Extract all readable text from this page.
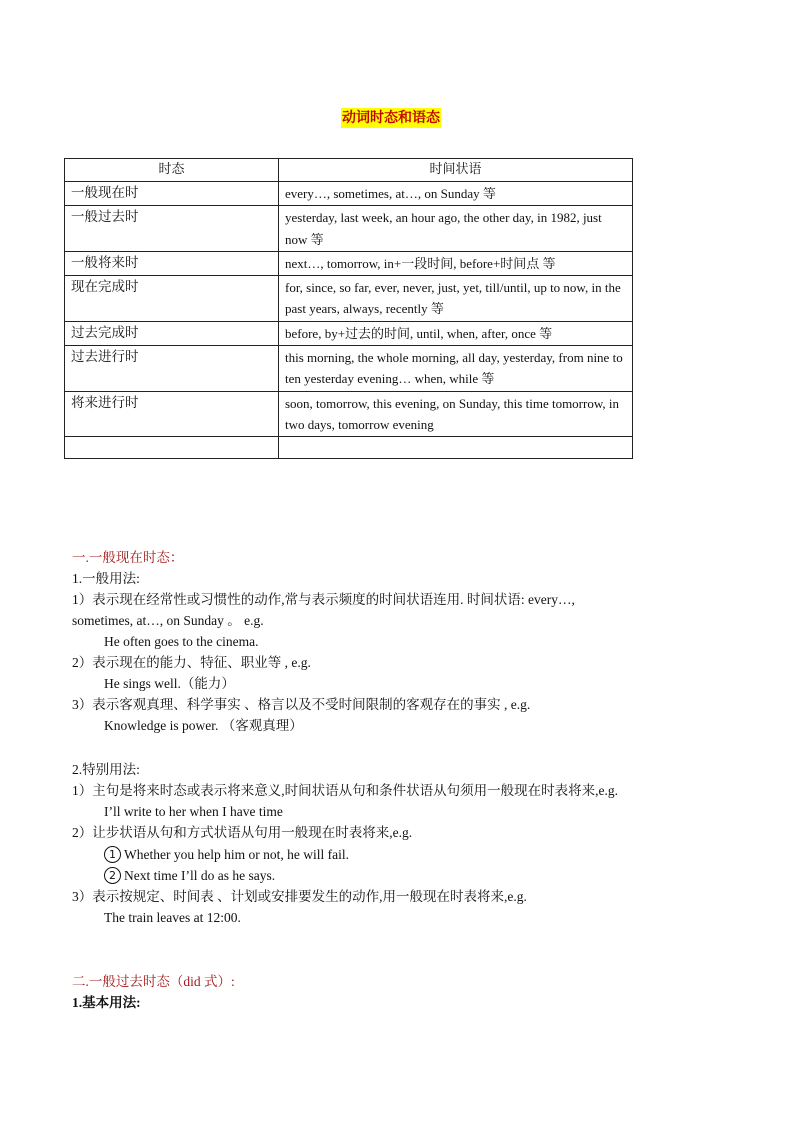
动词时态和语态
时态	时间状语
一般现在时	every…, sometimes, at…, on Sunday 等
一般过去时	yesterday, last week, an hour ago, the other day, in 1982, just now 等
一般将来时	next…, tomorrow, in+一段时间, before+时间点 等
现在完成时	for, since, so far, ever, never, just, yet, till/until, up to now, in the past years, always, recently 等
过去完成时	before, by+过去的时间, until, when, after, once 等
过去进行时	this morning, the whole morning, all day, yesterday, from nine to ten yesterday evening… when, while 等
将来进行时	soon, tomorrow, this evening, on Sunday, this time tomorrow, in two days, tomorrow evening

一.一般现在时态：
1.一般用法:
1）表示现在经常性或习惯性的动作,常与表示频度的时间状语连用. 时间状语: every…,
sometimes, at…, on Sunday 。 e.g.
He often goes to the cinema.
2）表示现在的能力、特征、职业等 , e.g.
He sings well.（能力）
3）表示客观真理、科学事实 、格言以及不受时间限制的客观存在的事实 , e.g.
Knowledge is power. （客观真理）
2.特别用法:
1）主句是将来时态或表示将来意义,时间状语从句和条件状语从句须用一般现在时表将来,e.g.
I’ll write to her when I have time
2）让步状语从句和方式状语从句用一般现在时表将来,e.g.
1 Whether you help him or not, he will fail.
2 Next time I’ll do as he says.
3）表示按规定、时间表 、计划或安排要发生的动作,用一般现在时表将来,e.g.
The train leaves at 12:00.
二.一般过去时态（did 式）:
1.基本用法:
